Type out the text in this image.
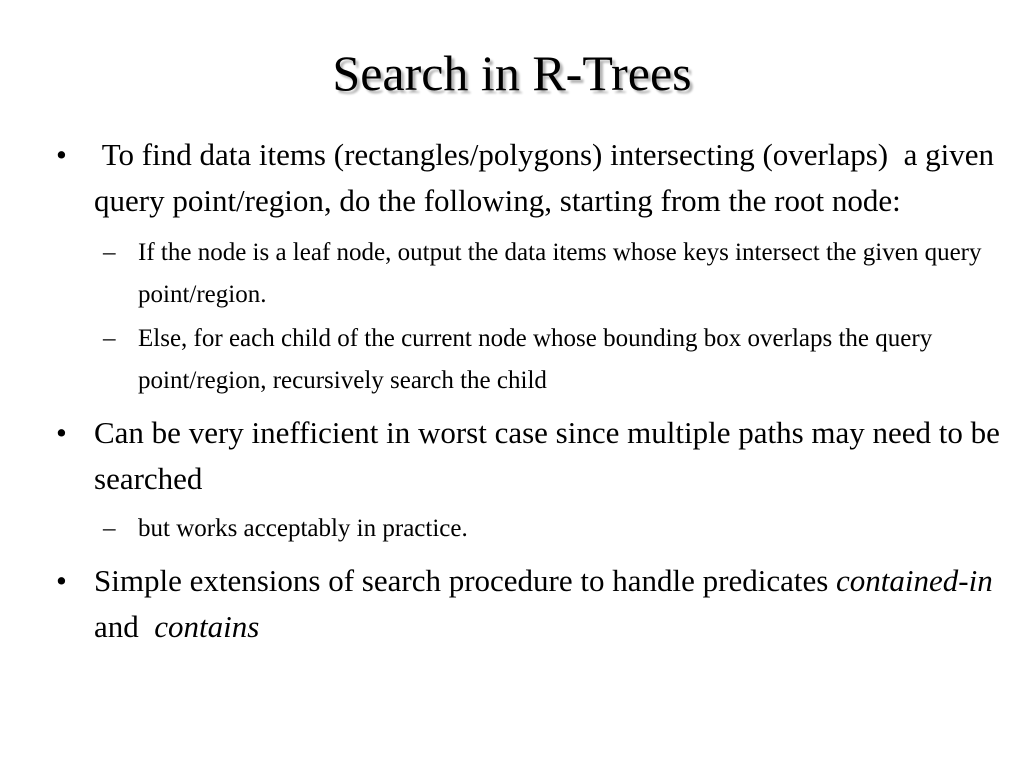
Search in R-Trees

• To find data items (rectangles/polygons) intersecting (overlaps)  a given query point/region, do the following, starting from the root node:

– If the node is a leaf node, output the data items whose keys intersect the given query point/region.

– Else, for each child of the current node whose bounding box overlaps the query point/region, recursively search the child

• Can be very inefficient in worst case since multiple paths may need to be searched

– but works acceptably in practice.

• Simple extensions of search procedure to handle predicates contained-in  and  contains
